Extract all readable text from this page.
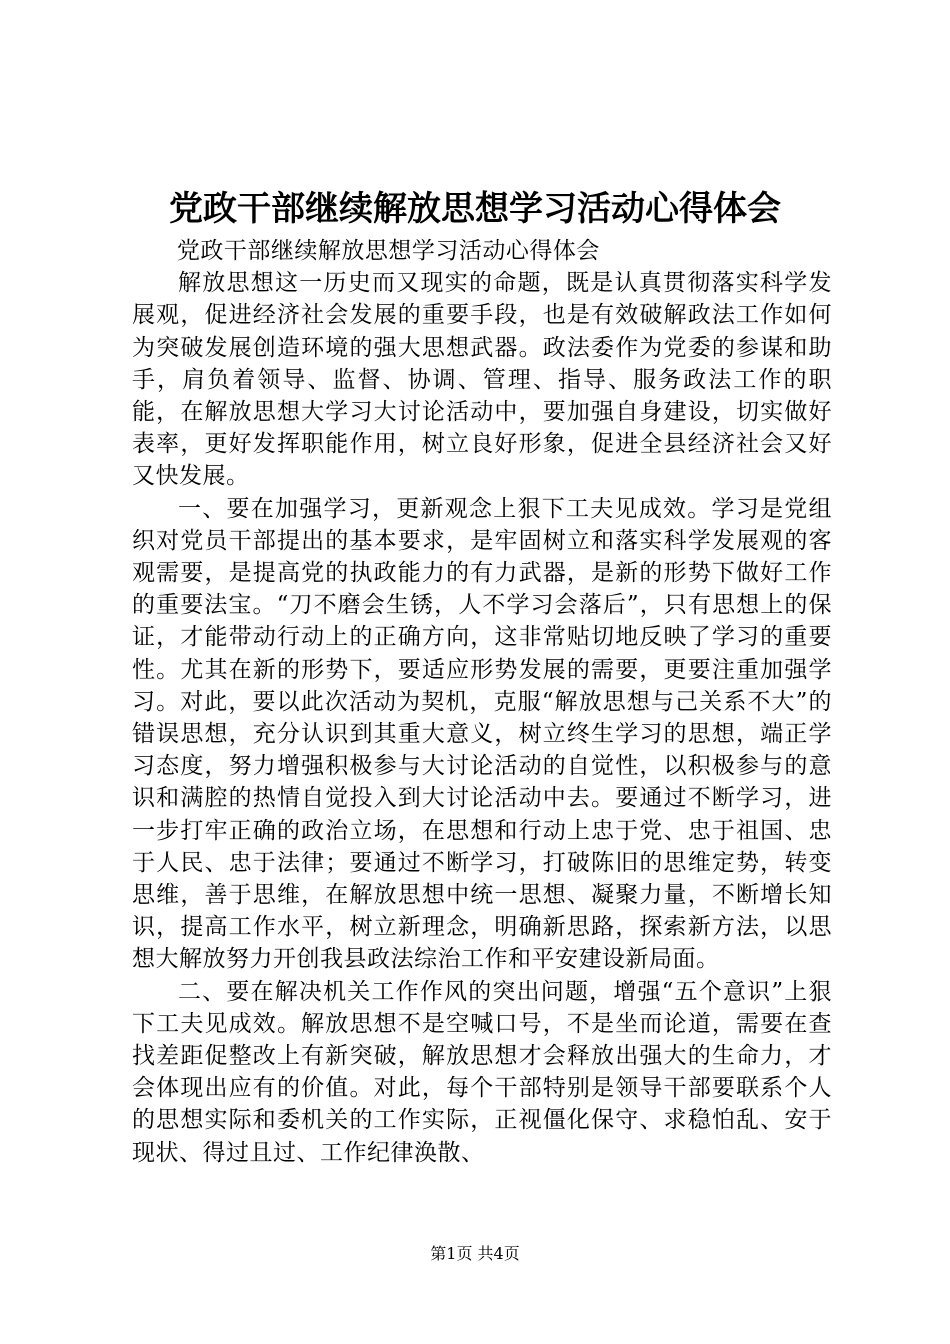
党政干部继续解放思想学习活动心得体会

党政干部继续解放思想学习活动心得体会

解放思想这一历史而又现实的命题，既是认真贯彻落实科学发展观，促进经济社会发展的重要手段，也是有效破解政法工作如何为突破发展创造环境的强大思想武器。政法委作为党委的参谋和助手，肩负着领导、监督、协调、管理、指导、服务政法工作的职能，在解放思想大学习大讨论活动中，要加强自身建设，切实做好表率，更好发挥职能作用，树立良好形象，促进全县经济社会又好又快发展。

一、要在加强学习，更新观念上狠下工夫见成效。学习是党组织对党员干部提出的基本要求，是牢固树立和落实科学发展观的客观需要，是提高党的执政能力的有力武器，是新的形势下做好工作的重要法宝。“刀不磨会生锈，人不学习会落后”，只有思想上的保证，才能带动行动上的正确方向，这非常贴切地反映了学习的重要性。尤其在新的形势下，要适应形势发展的需要，更要注重加强学习。对此，要以此次活动为契机，克服“解放思想与己关系不大”的错误思想，充分认识到其重大意义，树立终生学习的思想，端正学习态度，努力增强积极参与大讨论活动的自觉性，以积极参与的意识和满腔的热情自觉投入到大讨论活动中去。要通过不断学习，进一步打牢正确的政治立场，在思想和行动上忠于党、忠于祖国、忠于人民、忠于法律；要通过不断学习，打破陈旧的思维定势，转变思维，善于思维，在解放思想中统一思想、凝聚力量，不断增长知识，提高工作水平，树立新理念，明确新思路，探索新方法，以思想大解放努力开创我县政法综治工作和平安建设新局面。

二、要在解决机关工作作风的突出问题，增强“五个意识”上狠下工夫见成效。解放思想不是空喊口号，不是坐而论道，需要在查找差距促整改上有新突破，解放思想才会释放出强大的生命力，才会体现出应有的价值。对此，每个干部特别是领导干部要联系个人的思想实际和委机关的工作实际，正视僵化保守、求稳怕乱、安于现状、得过且过、工作纪律涣散、

第1页 共4页
